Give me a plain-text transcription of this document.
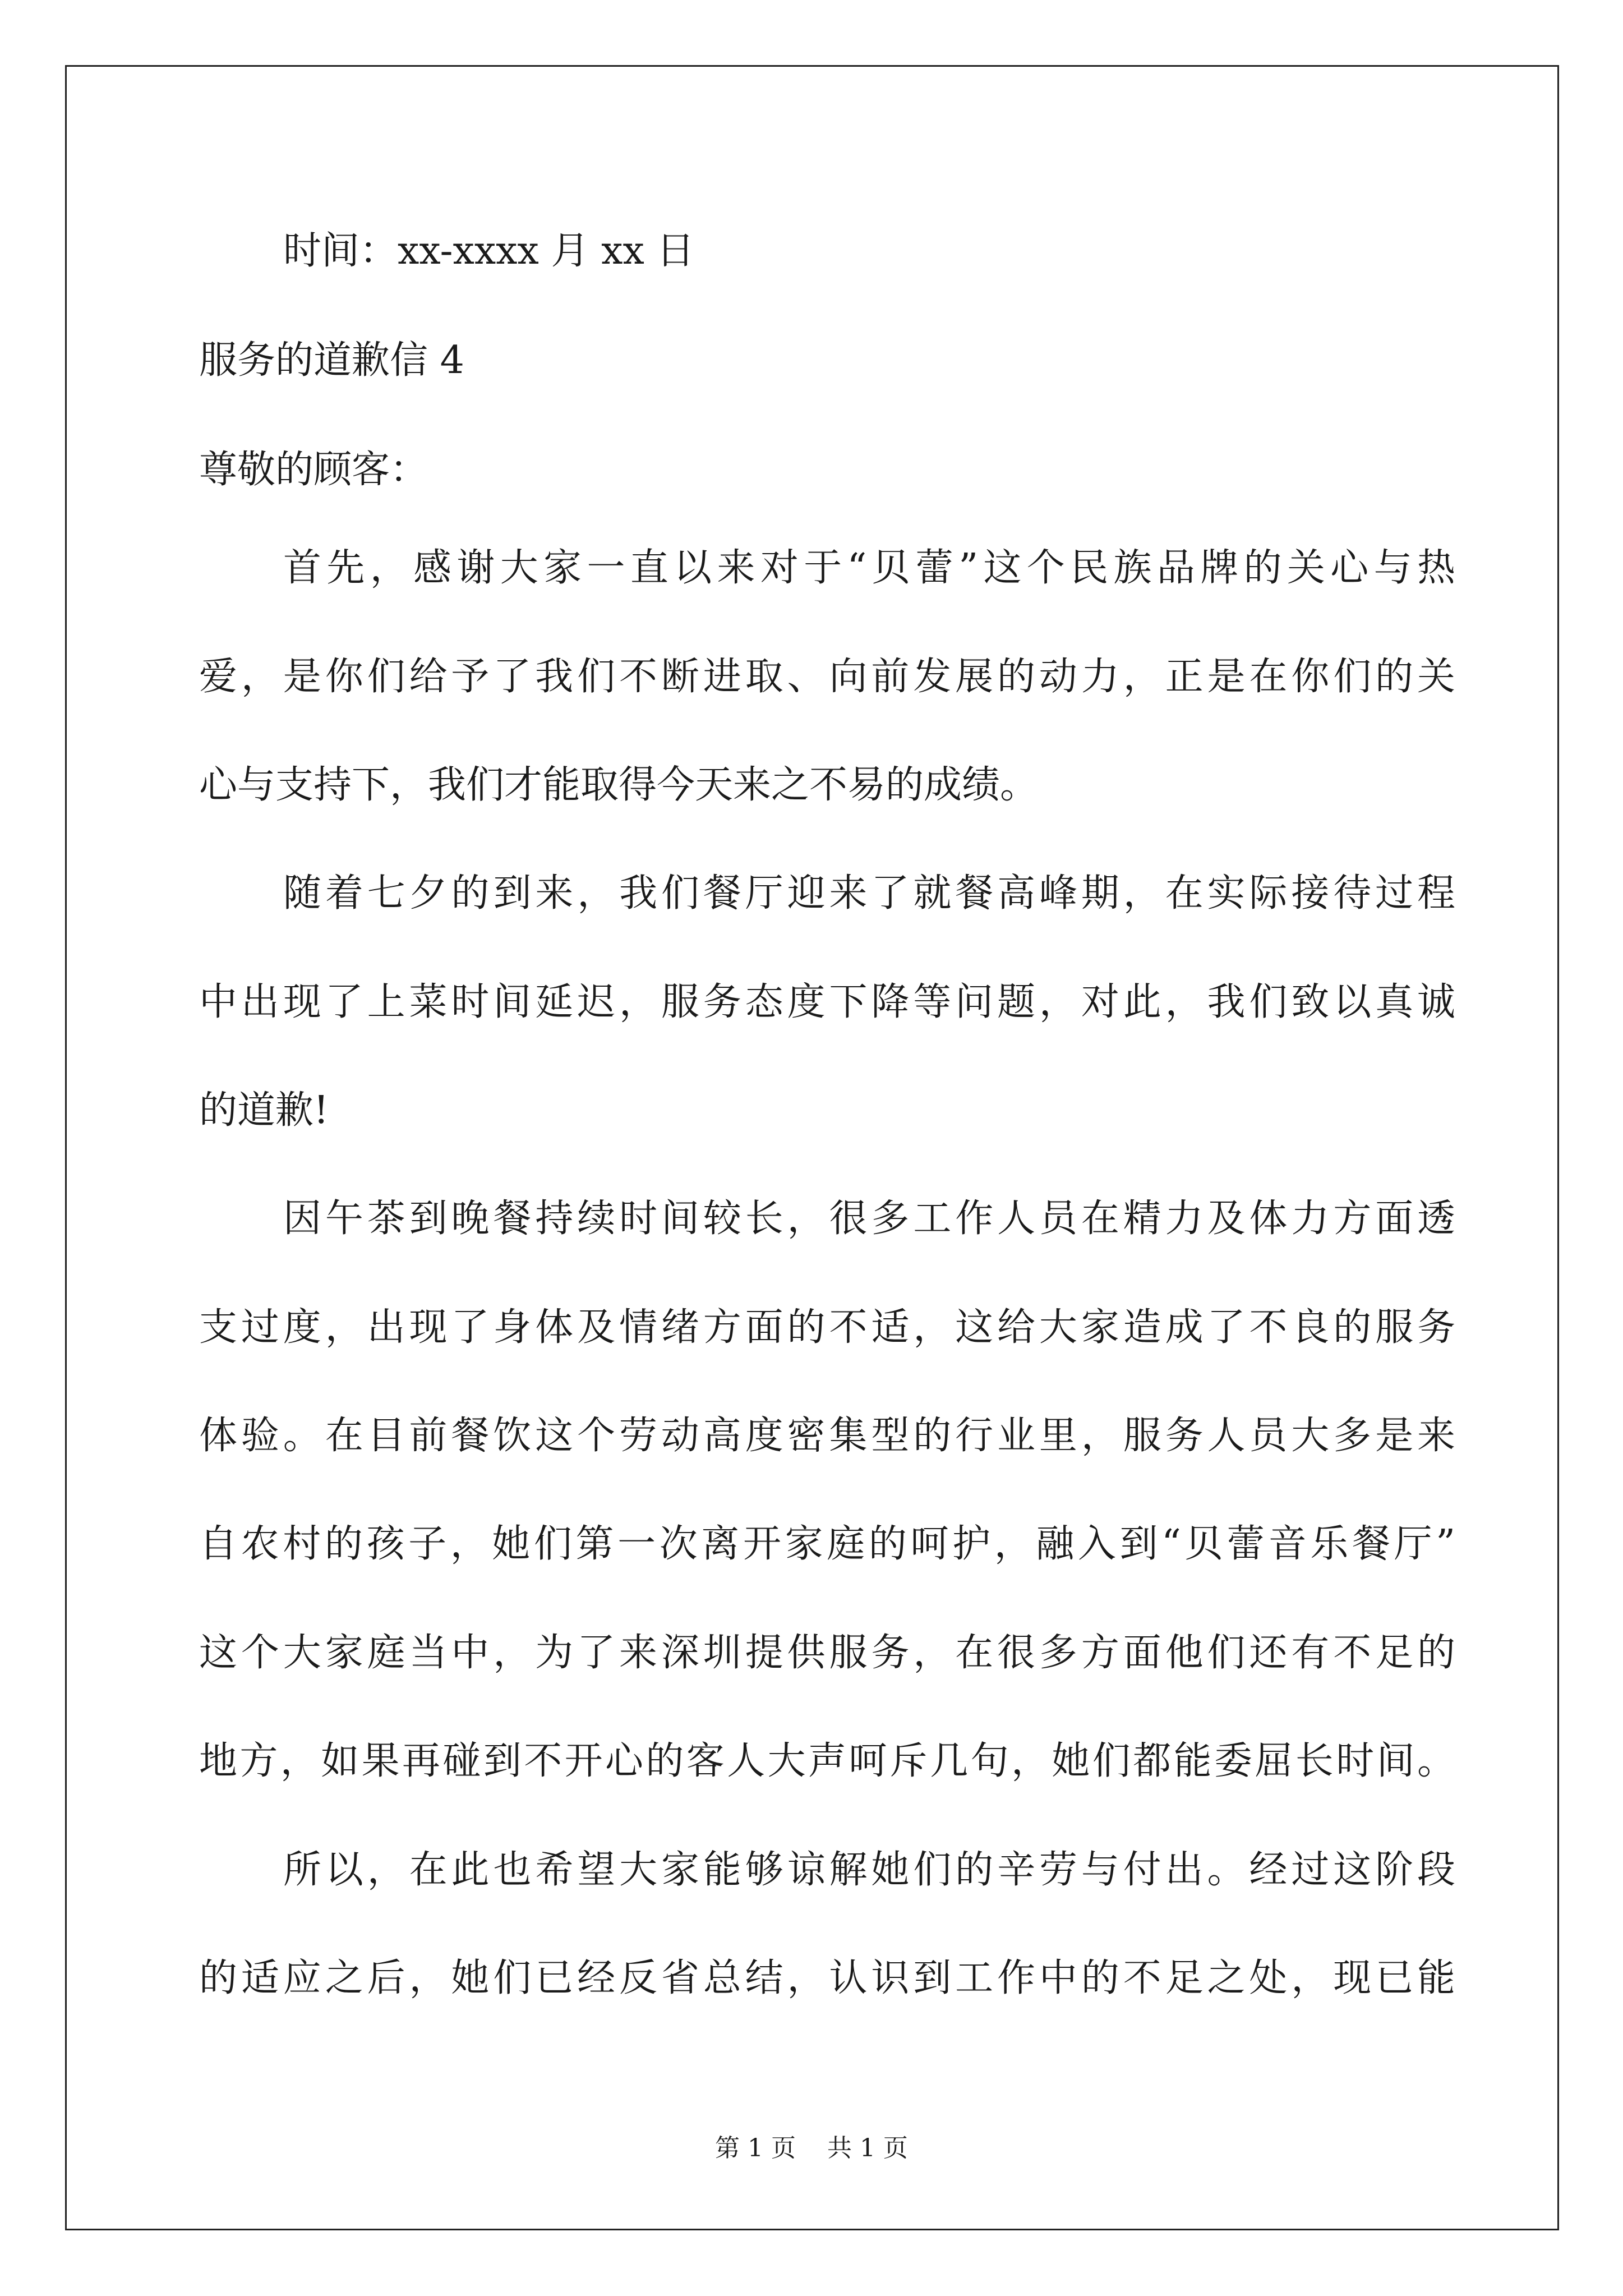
时间：xx-xxxx 月 xx 日
服务的道歉信 4
尊敬的顾客：
首先，感谢大家一直以来对于“贝蕾”这个民族品牌的关心与热
爱，是你们给予了我们不断进取、向前发展的动力，正是在你们的关
心与支持下，我们才能取得今天来之不易的成绩。
随着七夕的到来，我们餐厅迎来了就餐高峰期，在实际接待过程
中出现了上菜时间延迟，服务态度下降等问题，对此，我们致以真诚
的道歉!
因午茶到晚餐持续时间较长，很多工作人员在精力及体力方面透
支过度，出现了身体及情绪方面的不适，这给大家造成了不良的服务
体验。在目前餐饮这个劳动高度密集型的行业里，服务人员大多是来
自农村的孩子，她们第一次离开家庭的呵护，融入到“贝蕾音乐餐厅”
这个大家庭当中，为了来深圳提供服务，在很多方面他们还有不足的
地方，如果再碰到不开心的客人大声呵斥几句，她们都能委屈长时间。
所以，在此也希望大家能够谅解她们的辛劳与付出。经过这阶段
的适应之后，她们已经反省总结，认识到工作中的不足之处，现已能
第 1 页    共 1 页
